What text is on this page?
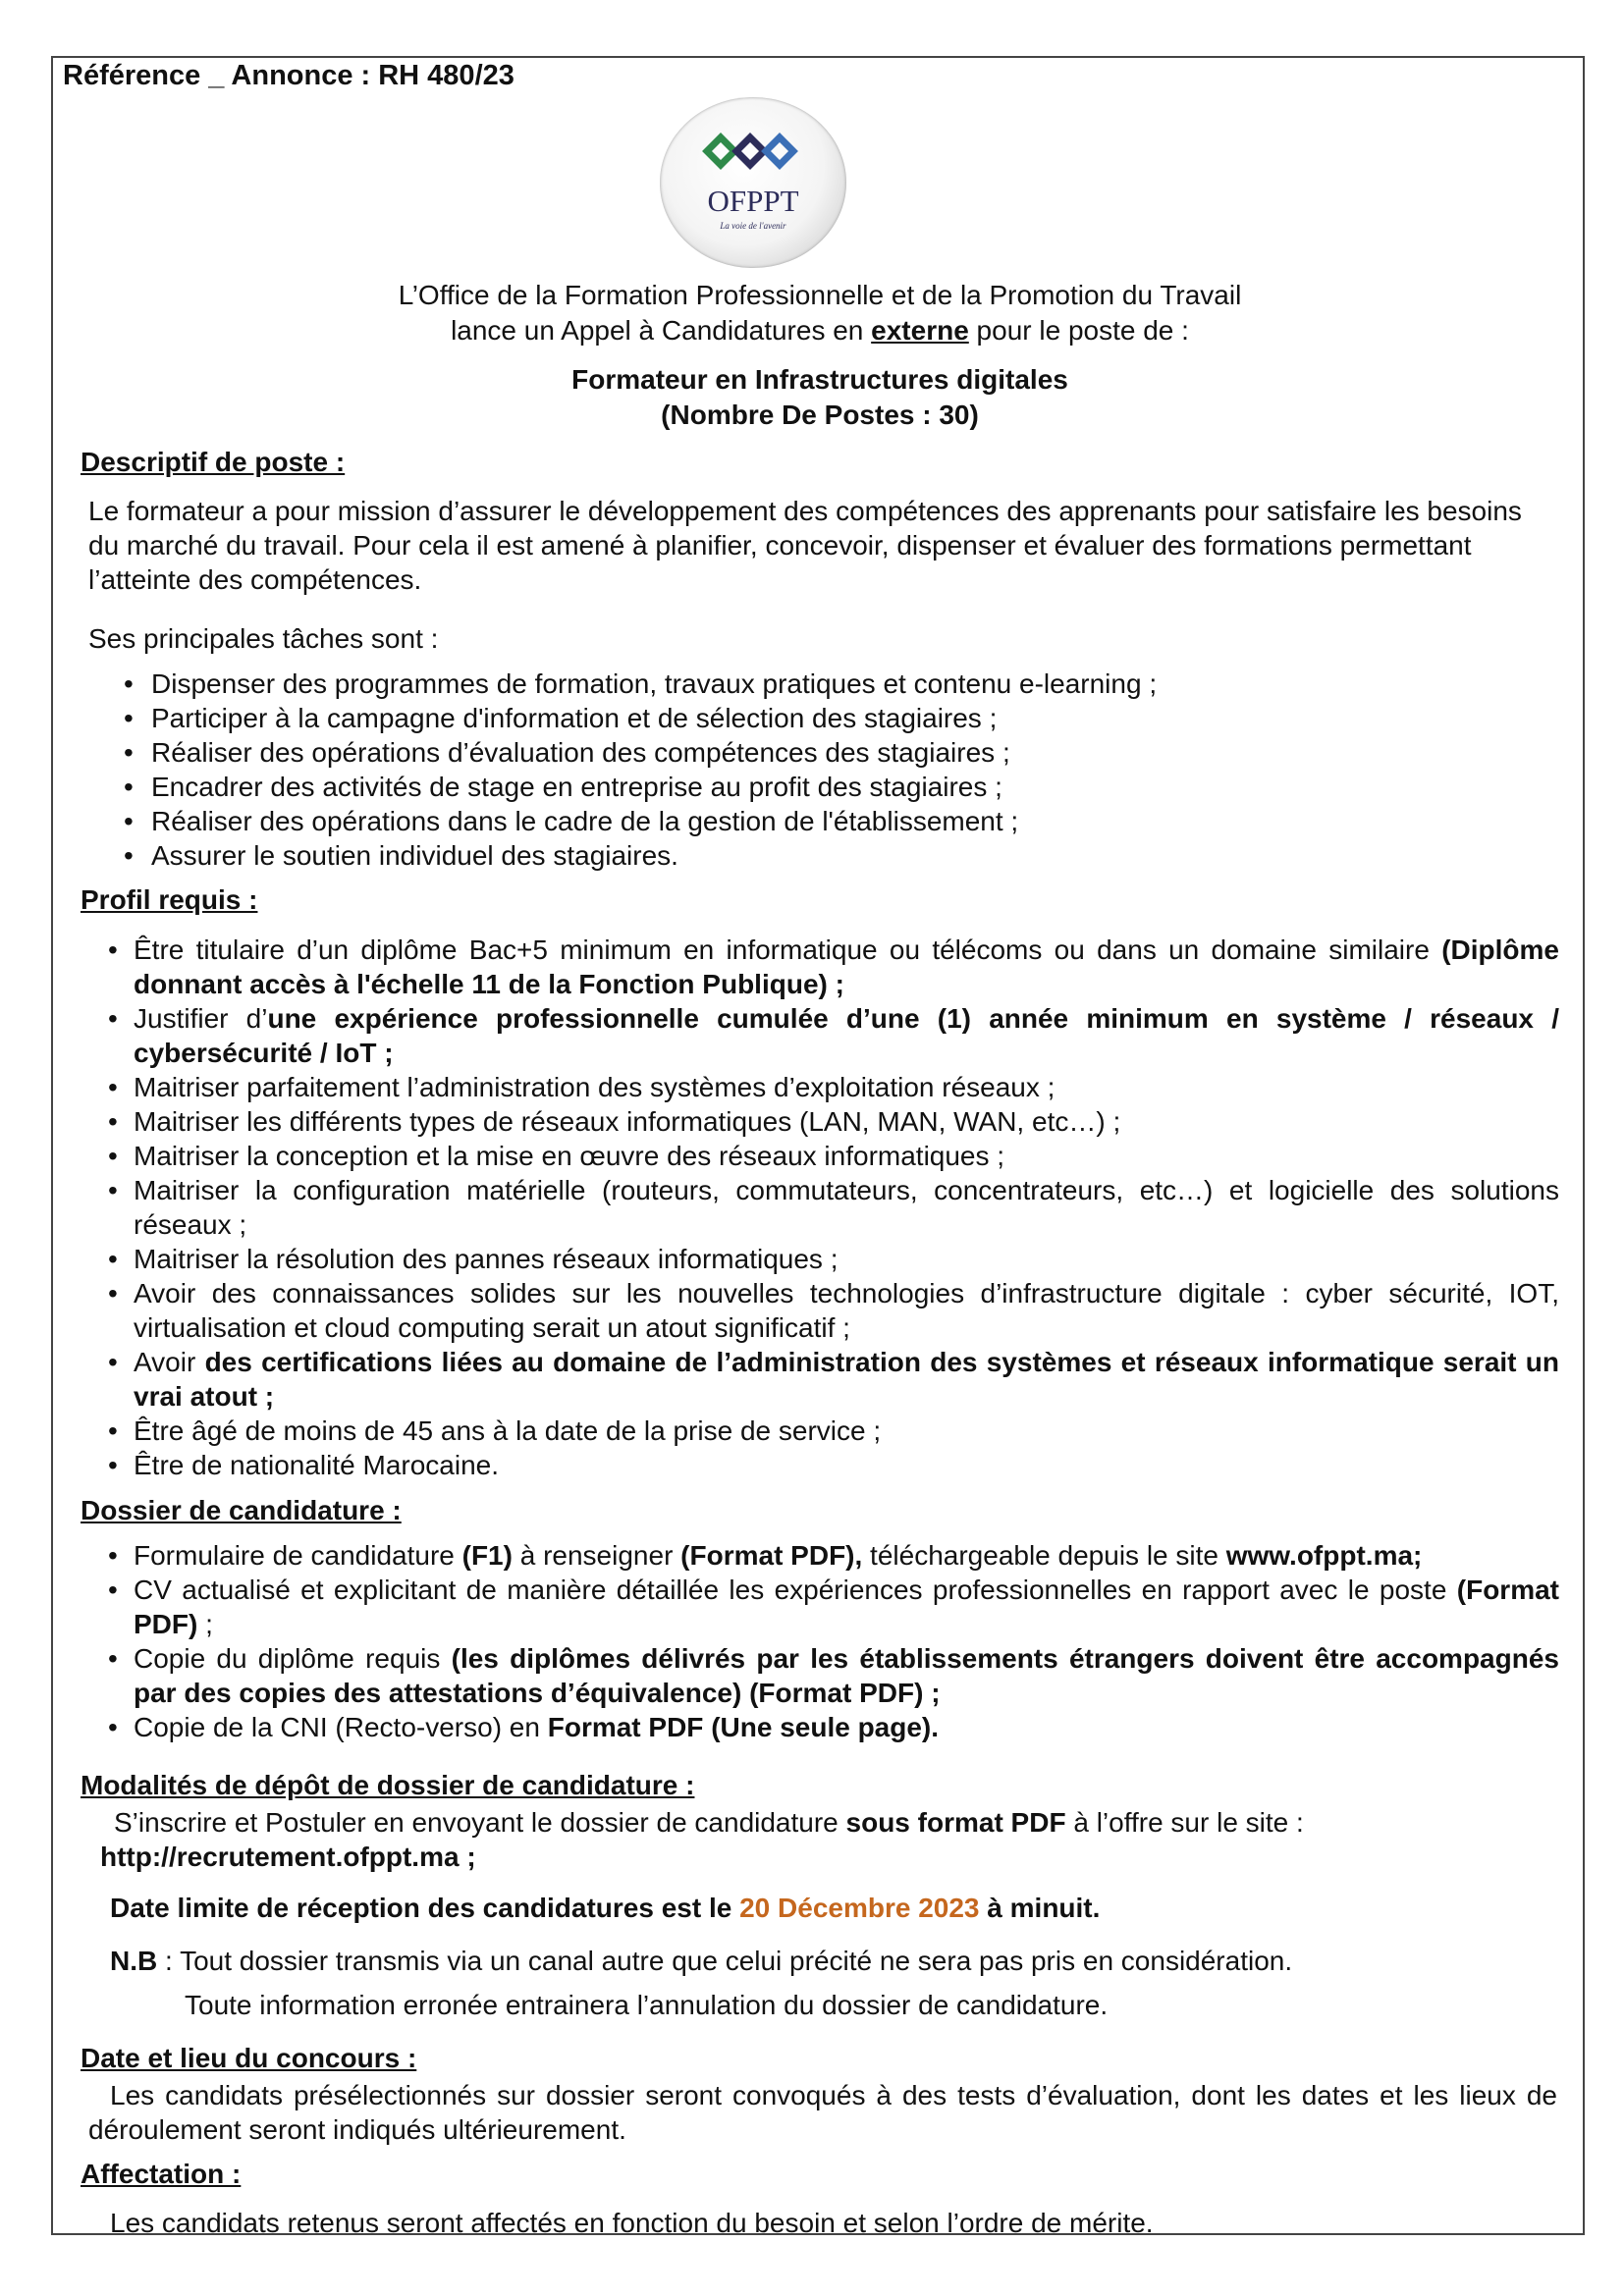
Référence _ Annonce : RH 480/23
OFPPT
La voie de l'avenir
L’Office de la Formation Professionnelle et de la Promotion du Travail
lance un Appel à Candidatures en externe pour le poste de :
Formateur en Infrastructures digitales
(Nombre De Postes : 30)
Descriptif de poste :
Le formateur a pour mission d’assurer le développement des compétences des apprenants pour satisfaire les besoins du marché du travail. Pour cela il est amené à planifier, concevoir, dispenser et évaluer des formations permettant l’atteinte des compétences.
Ses principales tâches sont :
• Dispenser des programmes de formation, travaux pratiques et contenu e-learning ;
• Participer à la campagne d'information et de sélection des stagiaires ;
• Réaliser des opérations d’évaluation des compétences des stagiaires ;
• Encadrer des activités de stage en entreprise au profit des stagiaires ;
• Réaliser des opérations dans le cadre de la gestion de l'établissement ;
• Assurer le soutien individuel des stagiaires.
Profil requis :
• Être titulaire d’un diplôme Bac+5 minimum en informatique ou télécoms ou dans un domaine similaire (Diplôme donnant accès à l'échelle 11 de la Fonction Publique) ;
• Justifier d’une expérience professionnelle cumulée d’une (1) année minimum en système / réseaux / cybersécurité / IoT ;
• Maitriser parfaitement l’administration des systèmes d’exploitation réseaux ;
• Maitriser les différents types de réseaux informatiques (LAN, MAN, WAN, etc…) ;
• Maitriser la conception et la mise en œuvre des réseaux informatiques ;
• Maitriser la configuration matérielle (routeurs, commutateurs, concentrateurs, etc…) et logicielle des solutions réseaux ;
• Maitriser la résolution des pannes réseaux informatiques ;
• Avoir des connaissances solides sur les nouvelles technologies d’infrastructure digitale : cyber sécurité, IOT, virtualisation et cloud computing serait un atout significatif ;
• Avoir des certifications liées au domaine de l’administration des systèmes et réseaux informatique serait un vrai atout ;
• Être âgé de moins de 45 ans à la date de la prise de service ;
• Être de nationalité Marocaine.
Dossier de candidature :
• Formulaire de candidature (F1) à renseigner (Format PDF), téléchargeable depuis le site www.ofppt.ma;
• CV actualisé et explicitant de manière détaillée les expériences professionnelles en rapport avec le poste (Format PDF) ;
• Copie du diplôme requis (les diplômes délivrés par les établissements étrangers doivent être accompagnés par des copies des attestations d’équivalence) (Format PDF) ;
• Copie de la CNI (Recto-verso) en Format PDF (Une seule page).
Modalités de dépôt de dossier de candidature :
S’inscrire et Postuler en envoyant le dossier de candidature sous format PDF à l’offre sur le site :
http://recrutement.ofppt.ma ;
Date limite de réception des candidatures est le 20 Décembre 2023 à minuit.
N.B : Tout dossier transmis via un canal autre que celui précité ne sera pas pris en considération.
Toute information erronée entrainera l’annulation du dossier de candidature.
Date et lieu du concours :
Les candidats présélectionnés sur dossier seront convoqués à des tests d’évaluation, dont les dates et les lieux de déroulement seront indiqués ultérieurement.
Affectation :
Les candidats retenus seront affectés en fonction du besoin et selon l’ordre de mérite.
